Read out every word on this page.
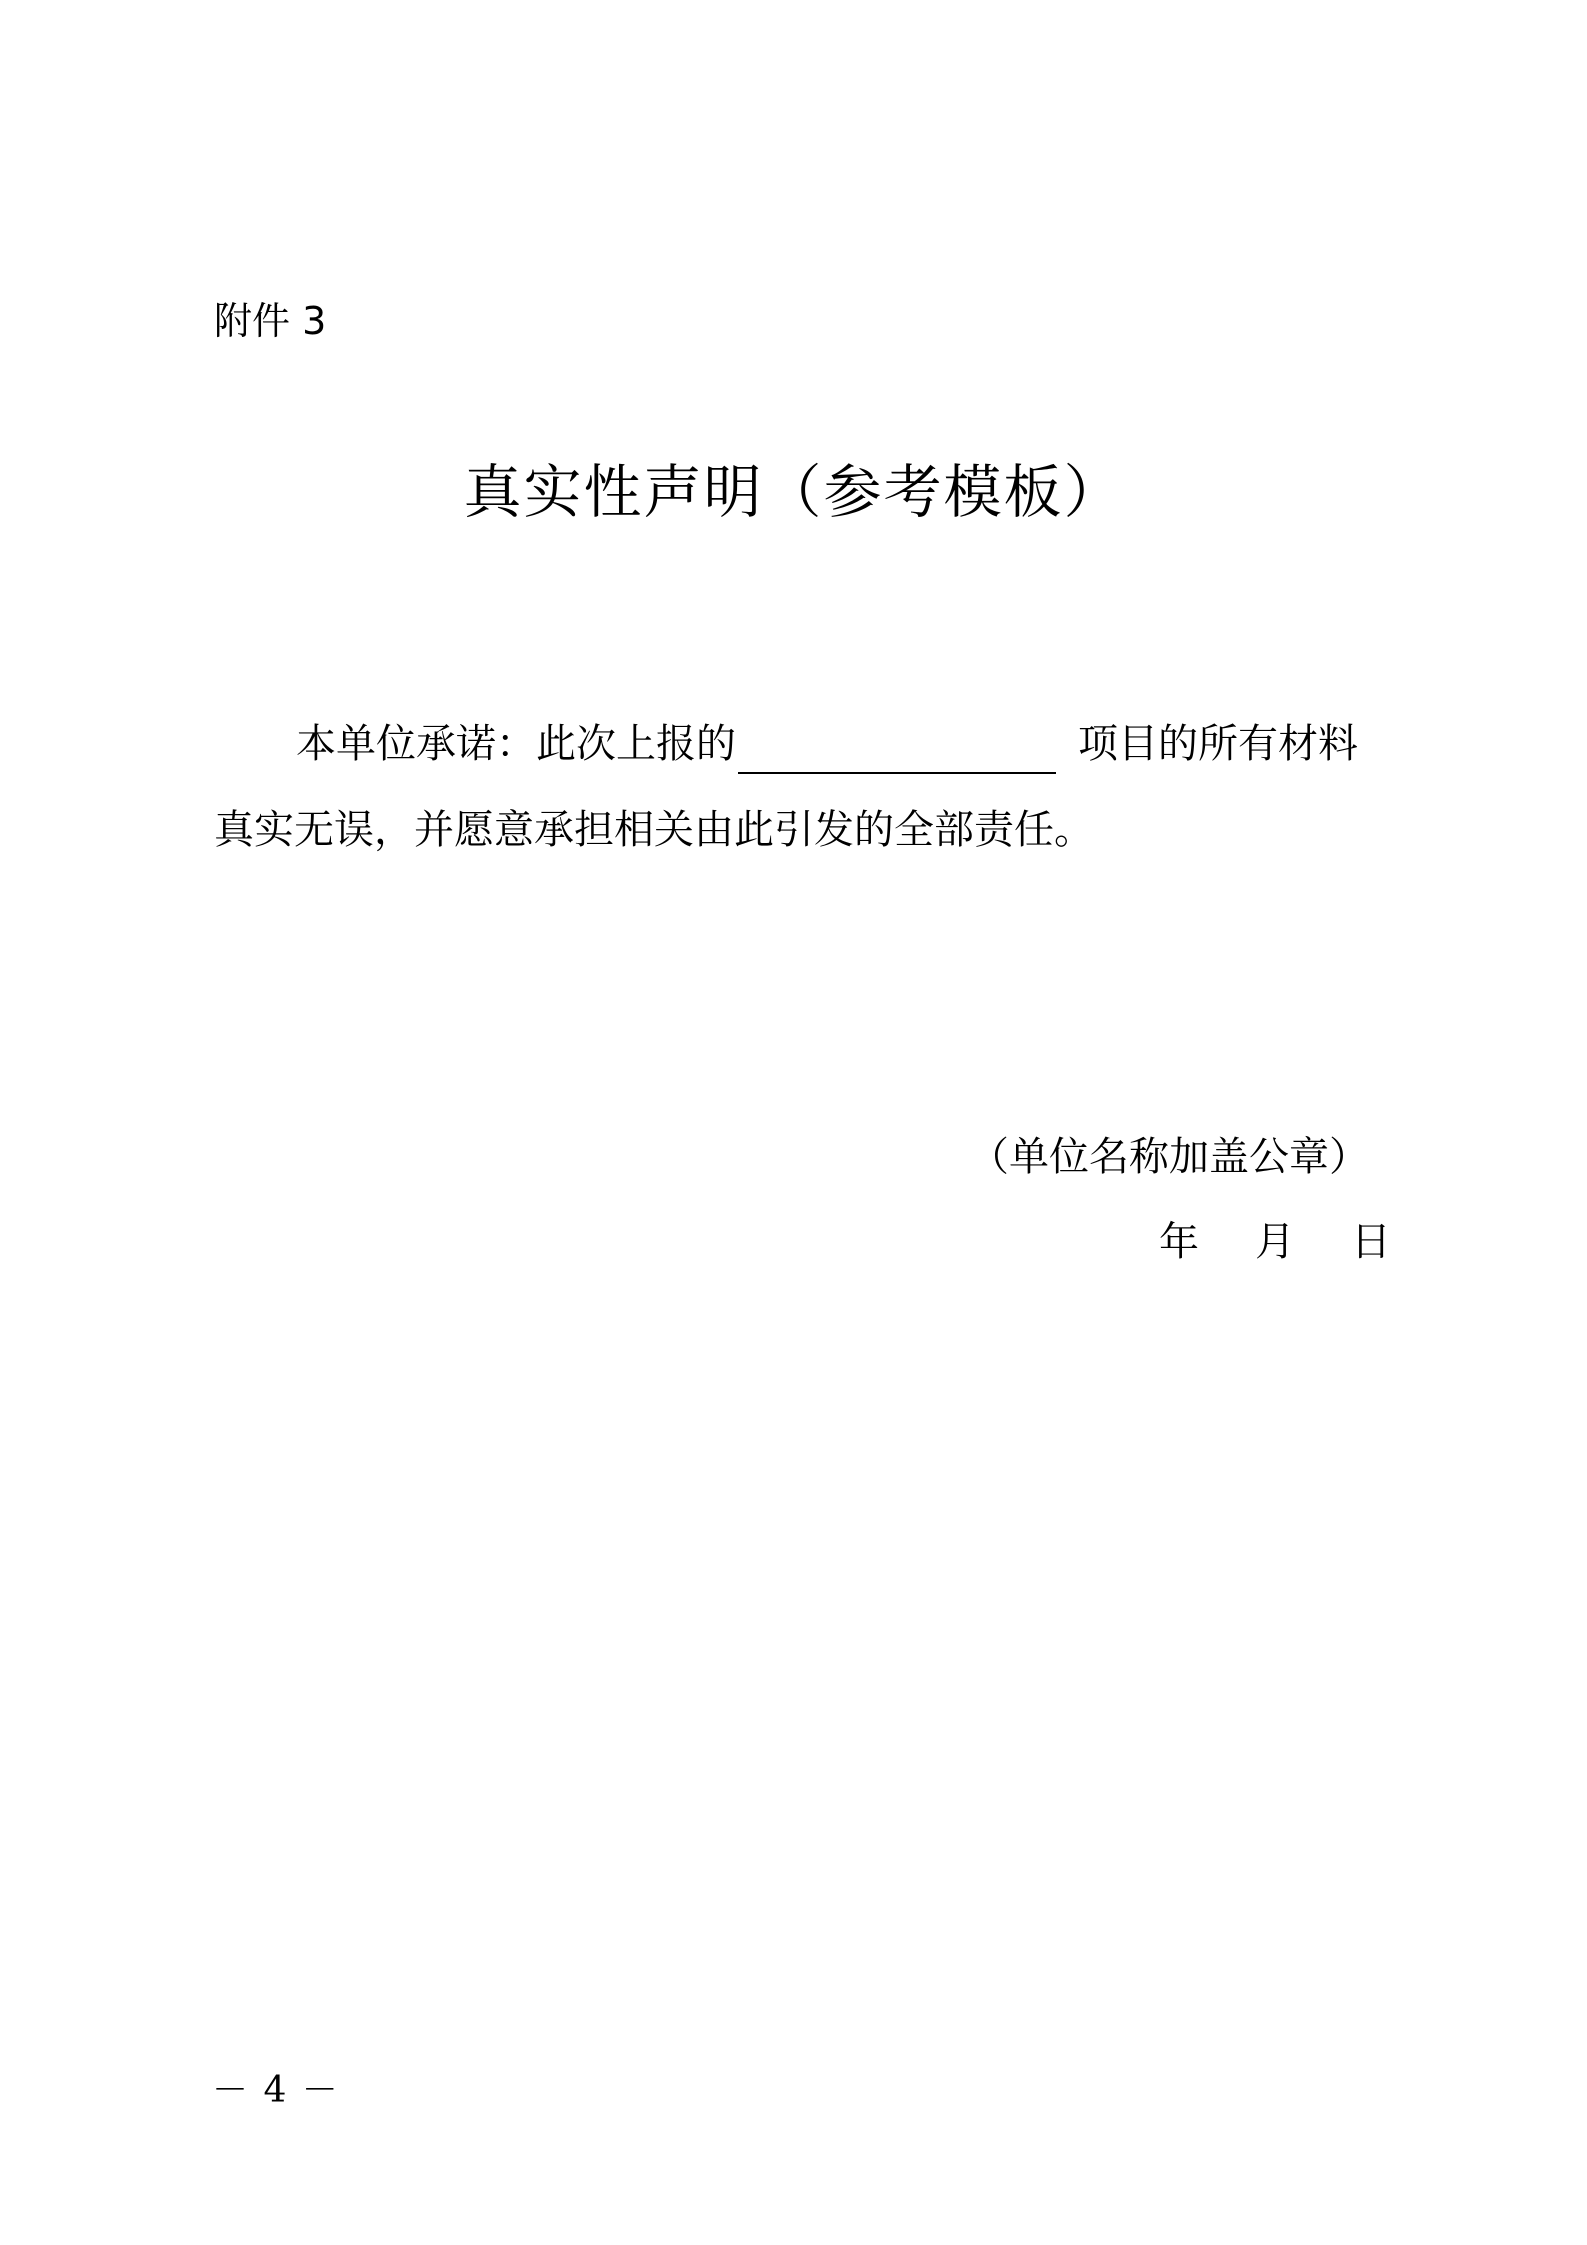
附件 3
真实性声明（参考模板）
本单位承诺：此次上报的	项目的所有材料
真实无误，并愿意承担相关由此引发的全部责任。
（单位名称加盖公章）
年 月 日
－ 4 －
